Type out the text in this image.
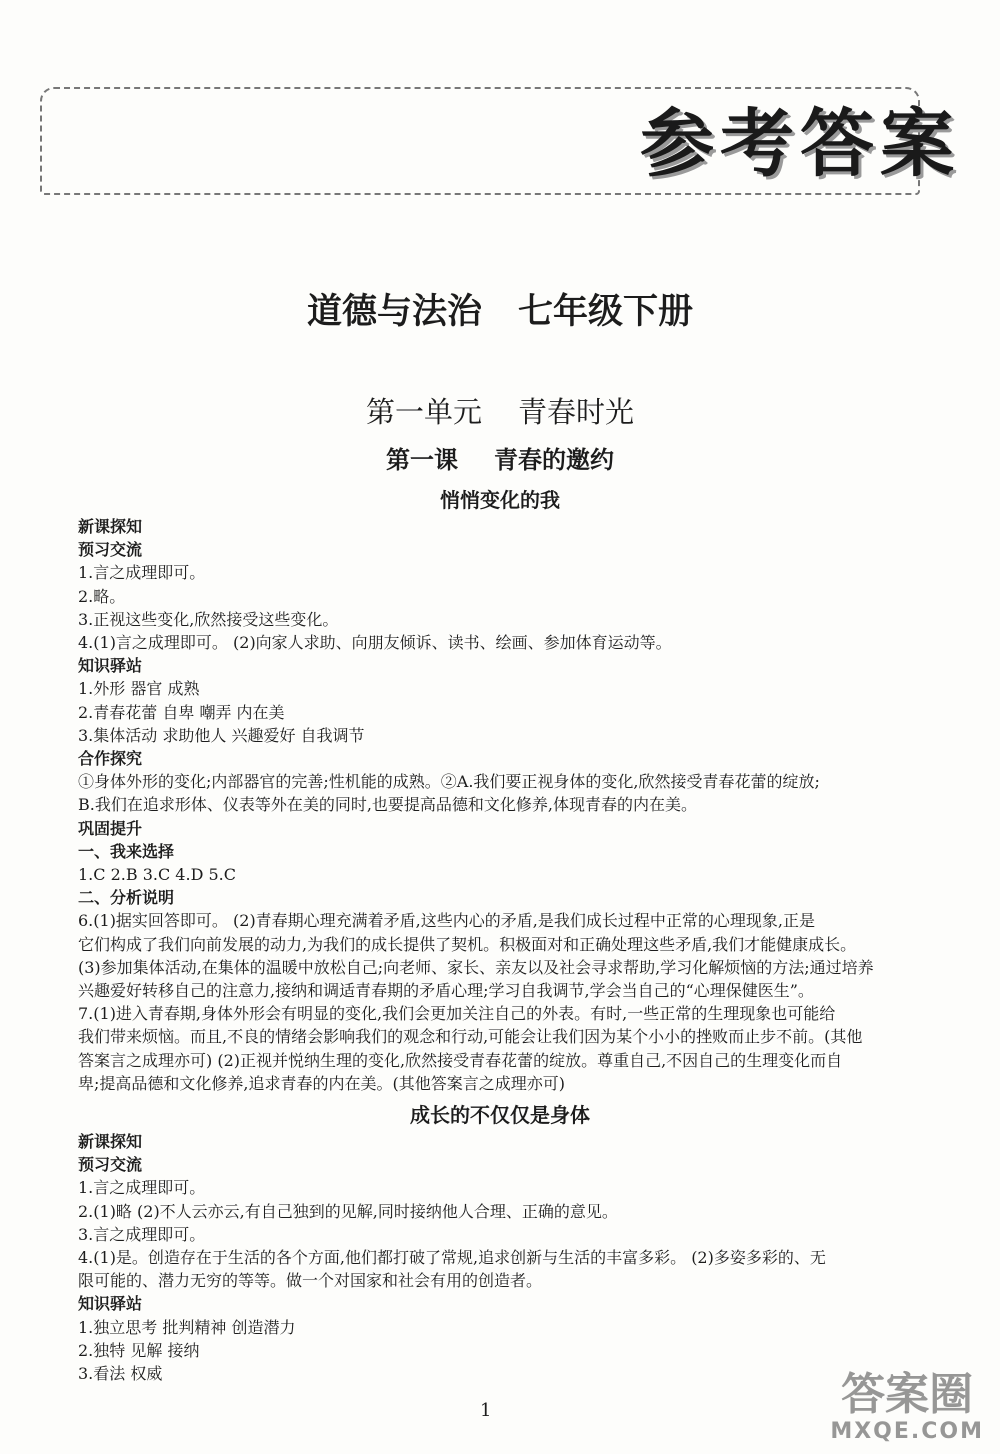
参考答案
道德与法治 七年级下册
第一单元 青春时光
第一课 青春的邀约
悄悄变化的我
新课探知
预习交流
1.言之成理即可。
2.略。
3.正视这些变化,欣然接受这些变化。
4.(1)言之成理即可。 (2)向家人求助、向朋友倾诉、读书、绘画、参加体育运动等。
知识驿站
1.外形 器官 成熟
2.青春花蕾 自卑 嘲弄 内在美
3.集体活动 求助他人 兴趣爱好 自我调节
合作探究
①身体外形的变化;内部器官的完善;性机能的成熟。②A.我们要正视身体的变化,欣然接受青春花蕾的绽放;
B.我们在追求形体、仪表等外在美的同时,也要提高品德和文化修养,体现青春的内在美。
巩固提升
一、我来选择
1.C 2.B 3.C 4.D 5.C
二、分析说明
6.(1)据实回答即可。 (2)青春期心理充满着矛盾,这些内心的矛盾,是我们成长过程中正常的心理现象,正是
它们构成了我们向前发展的动力,为我们的成长提供了契机。积极面对和正确处理这些矛盾,我们才能健康成长。
(3)参加集体活动,在集体的温暖中放松自己;向老师、家长、亲友以及社会寻求帮助,学习化解烦恼的方法;通过培养
兴趣爱好转移自己的注意力,接纳和调适青春期的矛盾心理;学习自我调节,学会当自己的“心理保健医生”。
7.(1)进入青春期,身体外形会有明显的变化,我们会更加关注自己的外表。有时,一些正常的生理现象也可能给
我们带来烦恼。而且,不良的情绪会影响我们的观念和行动,可能会让我们因为某个小小的挫败而止步不前。(其他
答案言之成理亦可) (2)正视并悦纳生理的变化,欣然接受青春花蕾的绽放。尊重自己,不因自己的生理变化而自
卑;提高品德和文化修养,追求青春的内在美。(其他答案言之成理亦可)
成长的不仅仅是身体
新课探知
预习交流
1.言之成理即可。
2.(1)略 (2)不人云亦云,有自己独到的见解,同时接纳他人合理、正确的意见。
3.言之成理即可。
4.(1)是。创造存在于生活的各个方面,他们都打破了常规,追求创新与生活的丰富多彩。 (2)多姿多彩的、无
限可能的、潜力无穷的等等。做一个对国家和社会有用的创造者。
知识驿站
1.独立思考 批判精神 创造潜力
2.独特 见解 接纳
3.看法 权威
1	答案圈
MXQE.COM
